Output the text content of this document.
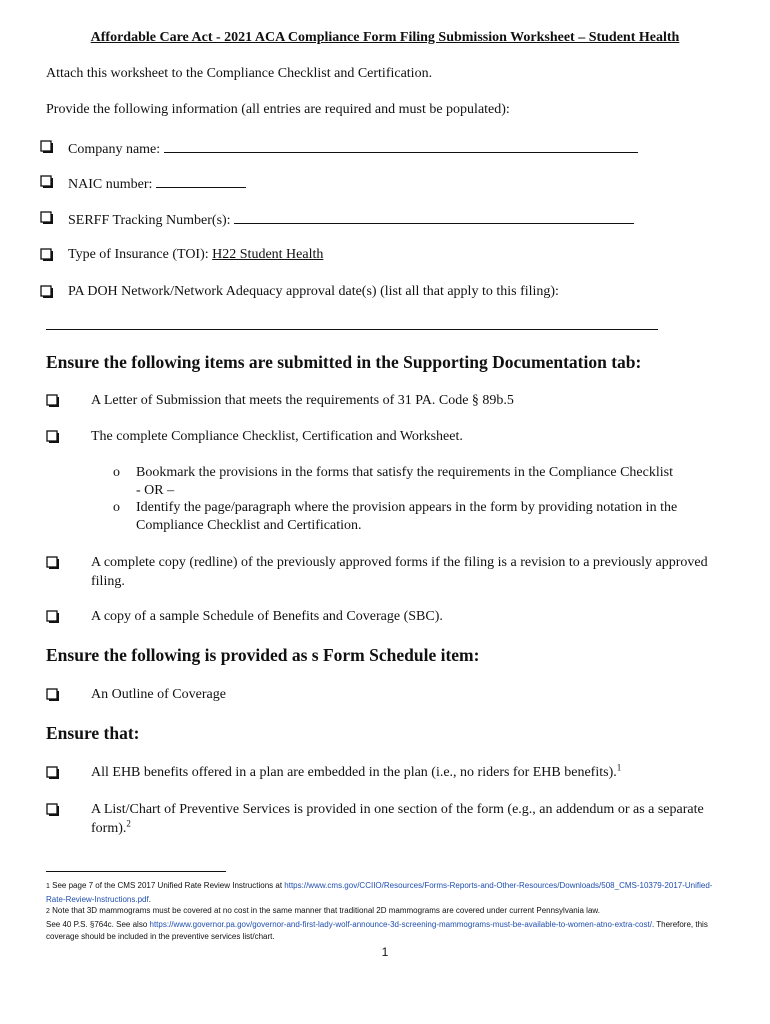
Affordable Care Act - 2021 ACA Compliance Form Filing Submission Worksheet – Student Health
Attach this worksheet to the Compliance Checklist and Certification.
Provide the following information (all entries are required and must be populated):
Company name:
NAIC number:
SERFF Tracking Number(s):
Type of Insurance (TOI): H22 Student Health
PA DOH Network/Network Adequacy approval date(s) (list all that apply to this filing):
Ensure the following items are submitted in the Supporting Documentation tab:
A Letter of Submission that meets the requirements of 31 PA. Code § 89b.5
The complete Compliance Checklist, Certification and Worksheet.
o Bookmark the provisions in the forms that satisfy the requirements in the Compliance Checklist
- OR –
o Identify the page/paragraph where the provision appears in the form by providing notation in the Compliance Checklist and Certification.
A complete copy (redline) of the previously approved forms if the filing is a revision to a previously approved filing.
A copy of a sample Schedule of Benefits and Coverage (SBC).
Ensure the following is provided as s Form Schedule item:
An Outline of Coverage
Ensure that:
All EHB benefits offered in a plan are embedded in the plan (i.e., no riders for EHB benefits).$^1$
A List/Chart of Preventive Services is provided in one section of the form (e.g., an addendum or as a separate form).$^2$
1 See page 7 of the CMS 2017 Unified Rate Review Instructions at https://www.cms.gov/CCIIO/Resources/Forms-Reports-and-Other-Resources/Downloads/508_CMS-10379-2017-Unified-Rate-Review-Instructions.pdf.
2 Note that 3D mammograms must be covered at no cost in the same manner that traditional 2D mammograms are covered under current Pennsylvania law.
See 40 P.S. §764c. See also https://www.governor.pa.gov/governor-and-first-lady-wolf-announce-3d-screening-mammograms-must-be-available-to-women-atno-extra-cost/. Therefore, this coverage should be included in the preventive services list/chart.
1
